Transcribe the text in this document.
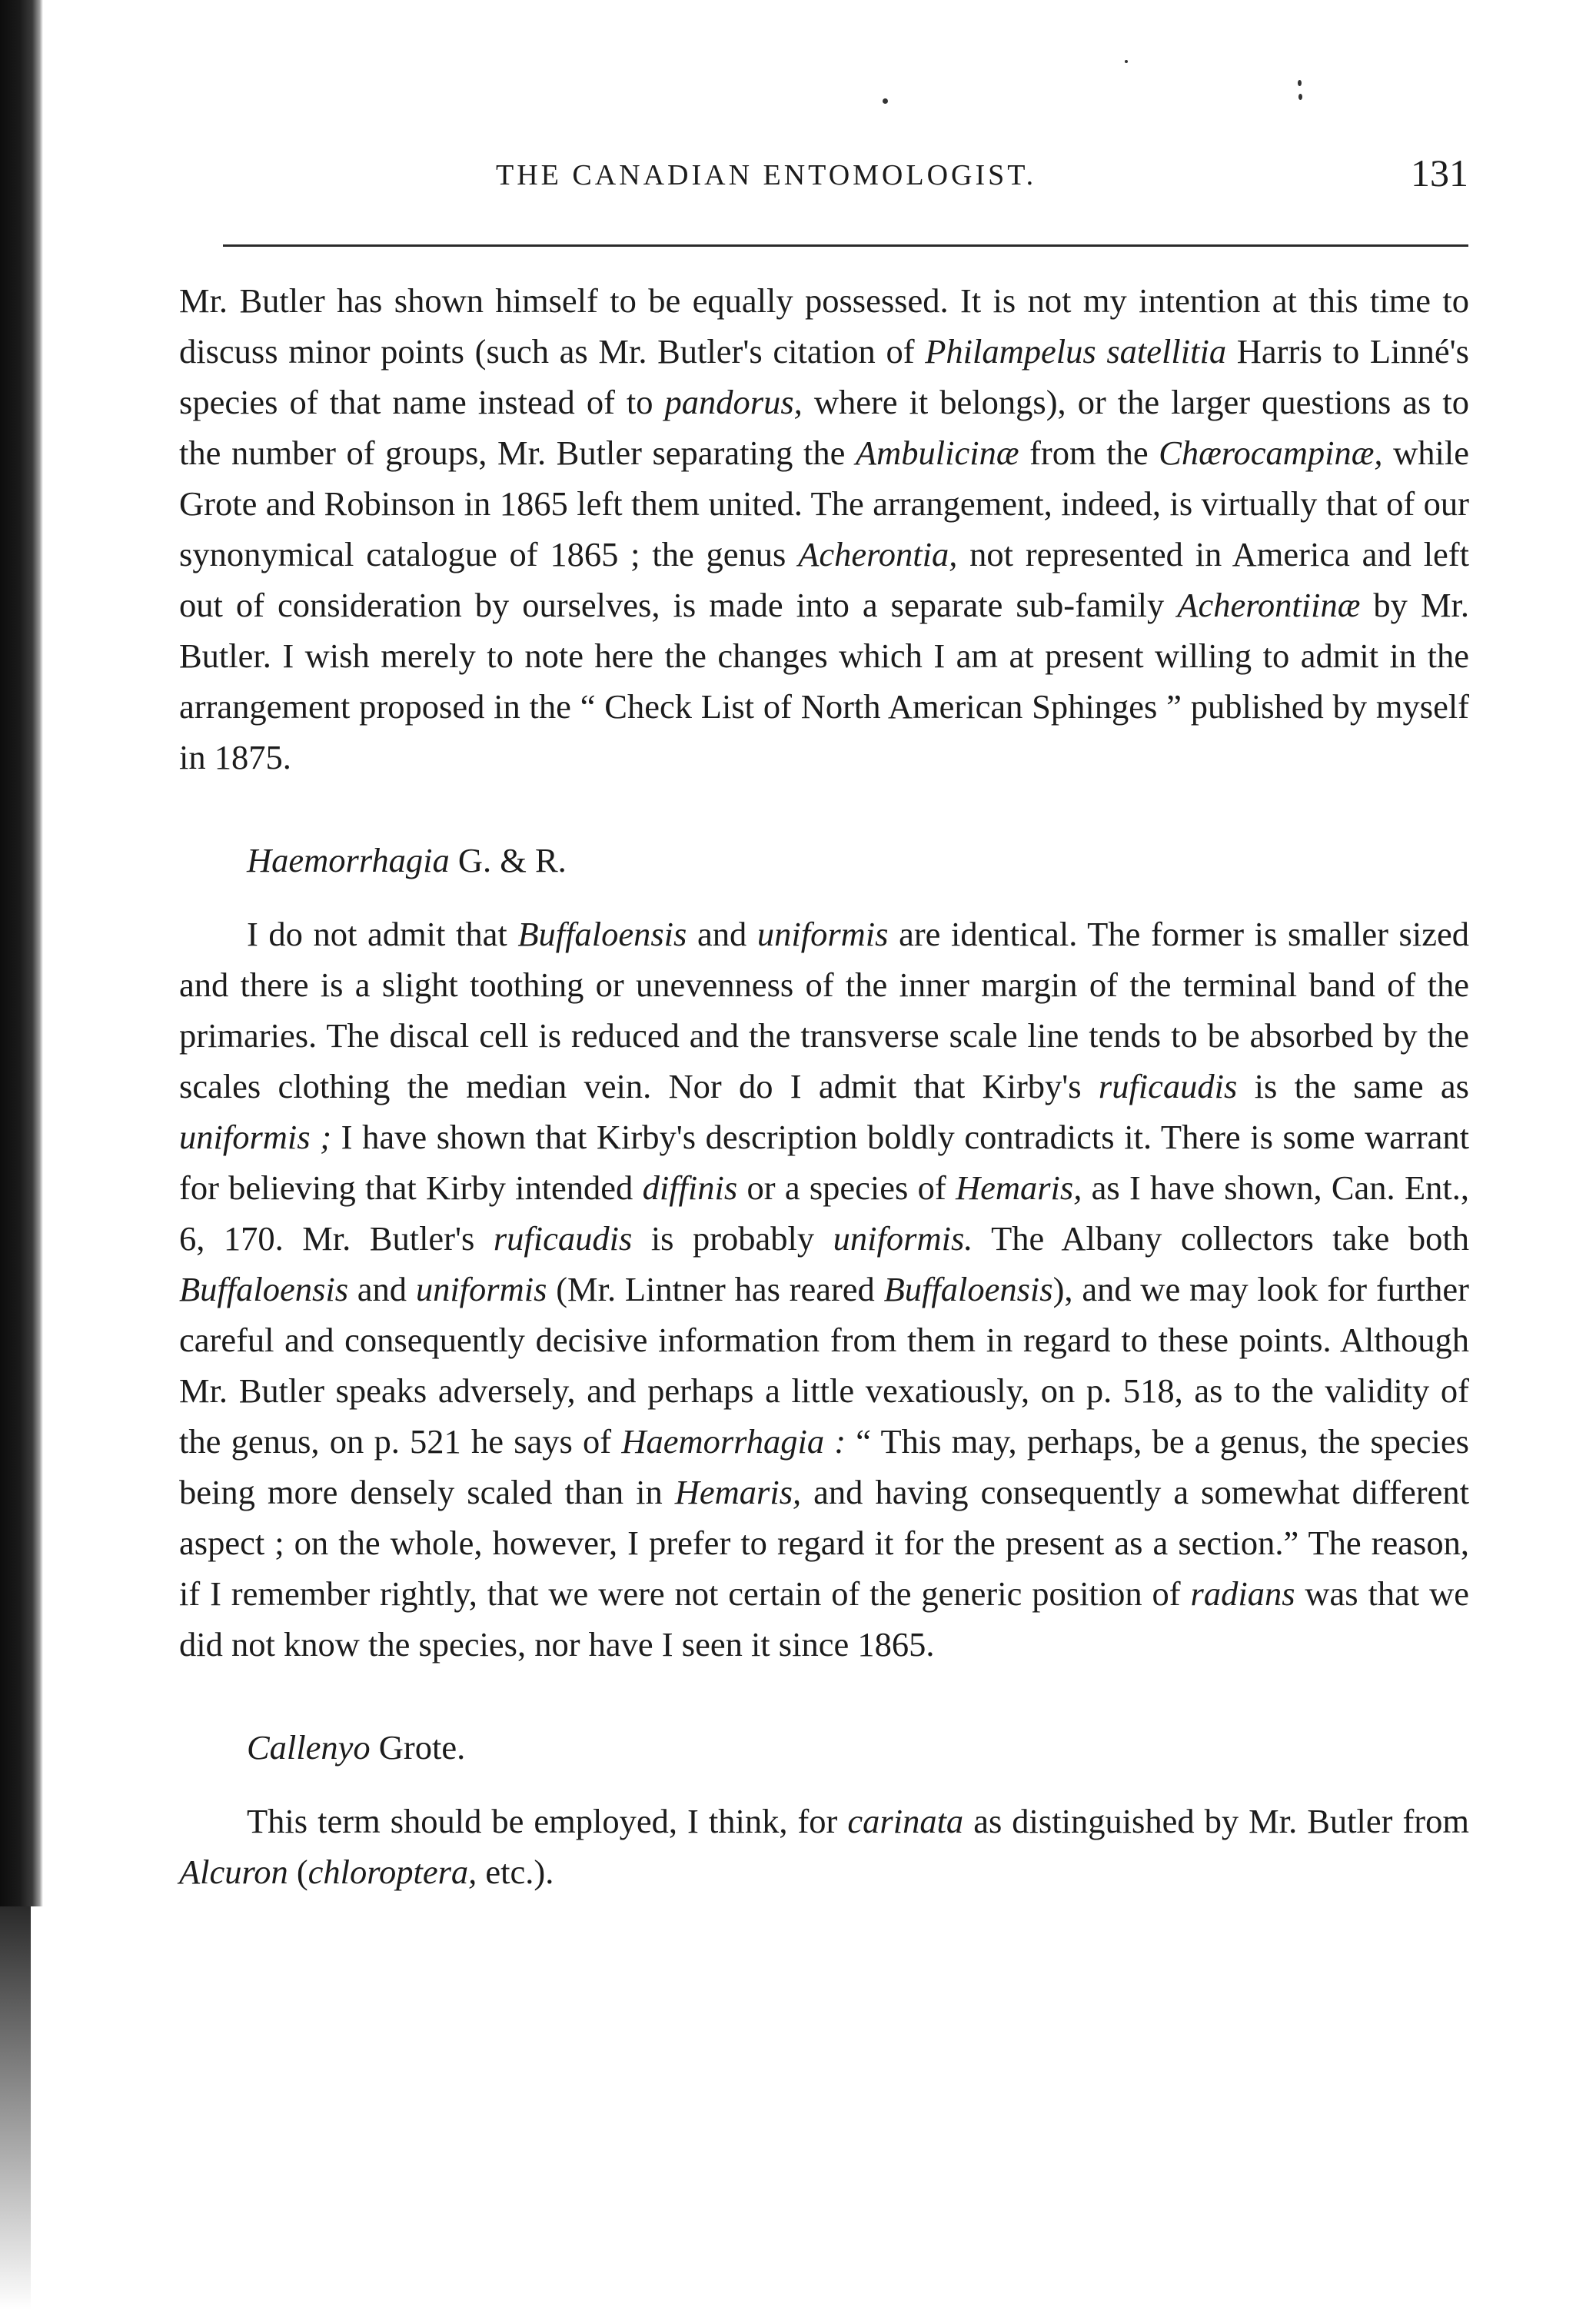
THE CANADIAN ENTOMOLOGIST.	131

Mr. Butler has shown himself to be equally possessed. It is not my intention at this time to discuss minor points (such as Mr. Butler's citation of Philampelus satellitia Harris to Linné's species of that name instead of to pandorus, where it belongs), or the larger questions as to the number of groups, Mr. Butler separating the Ambulicinæ from the Chærocampinæ, while Grote and Robinson in 1865 left them united. The arrangement, indeed, is virtually that of our synonymical catalogue of 1865 ; the genus Acherontia, not represented in America and left out of consideration by ourselves, is made into a separate sub-family Acherontiinæ by Mr. Butler. I wish merely to note here the changes which I am at present willing to admit in the arrangement proposed in the “ Check List of North American Sphinges ” published by myself in 1875.

Haemorrhagia G. & R.

I do not admit that Buffaloensis and uniformis are identical. The former is smaller sized and there is a slight toothing or unevenness of the inner margin of the terminal band of the primaries. The discal cell is reduced and the transverse scale line tends to be absorbed by the scales clothing the median vein. Nor do I admit that Kirby's ruficaudis is the same as uniformis ; I have shown that Kirby's description boldly contradicts it. There is some warrant for believing that Kirby intended diffinis or a species of Hemaris, as I have shown, Can. Ent., 6, 170. Mr. Butler's ruficaudis is probably uniformis. The Albany collectors take both Buffaloensis and uniformis (Mr. Lintner has reared Buffaloensis), and we may look for further careful and consequently decisive information from them in regard to these points. Although Mr. Butler speaks adversely, and perhaps a little vexatiously, on p. 518, as to the validity of the genus, on p. 521 he says of Haemorrhagia : “ This may, perhaps, be a genus, the species being more densely scaled than in Hemaris, and having consequently a somewhat different aspect ; on the whole, however, I prefer to regard it for the present as a section.” The reason, if I remember rightly, that we were not certain of the generic position of radians was that we did not know the species, nor have I seen it since 1865.

Callenyo Grote.

This term should be employed, I think, for carinata as distinguished by Mr. Butler from Alcuron (chloroptera, etc.).
